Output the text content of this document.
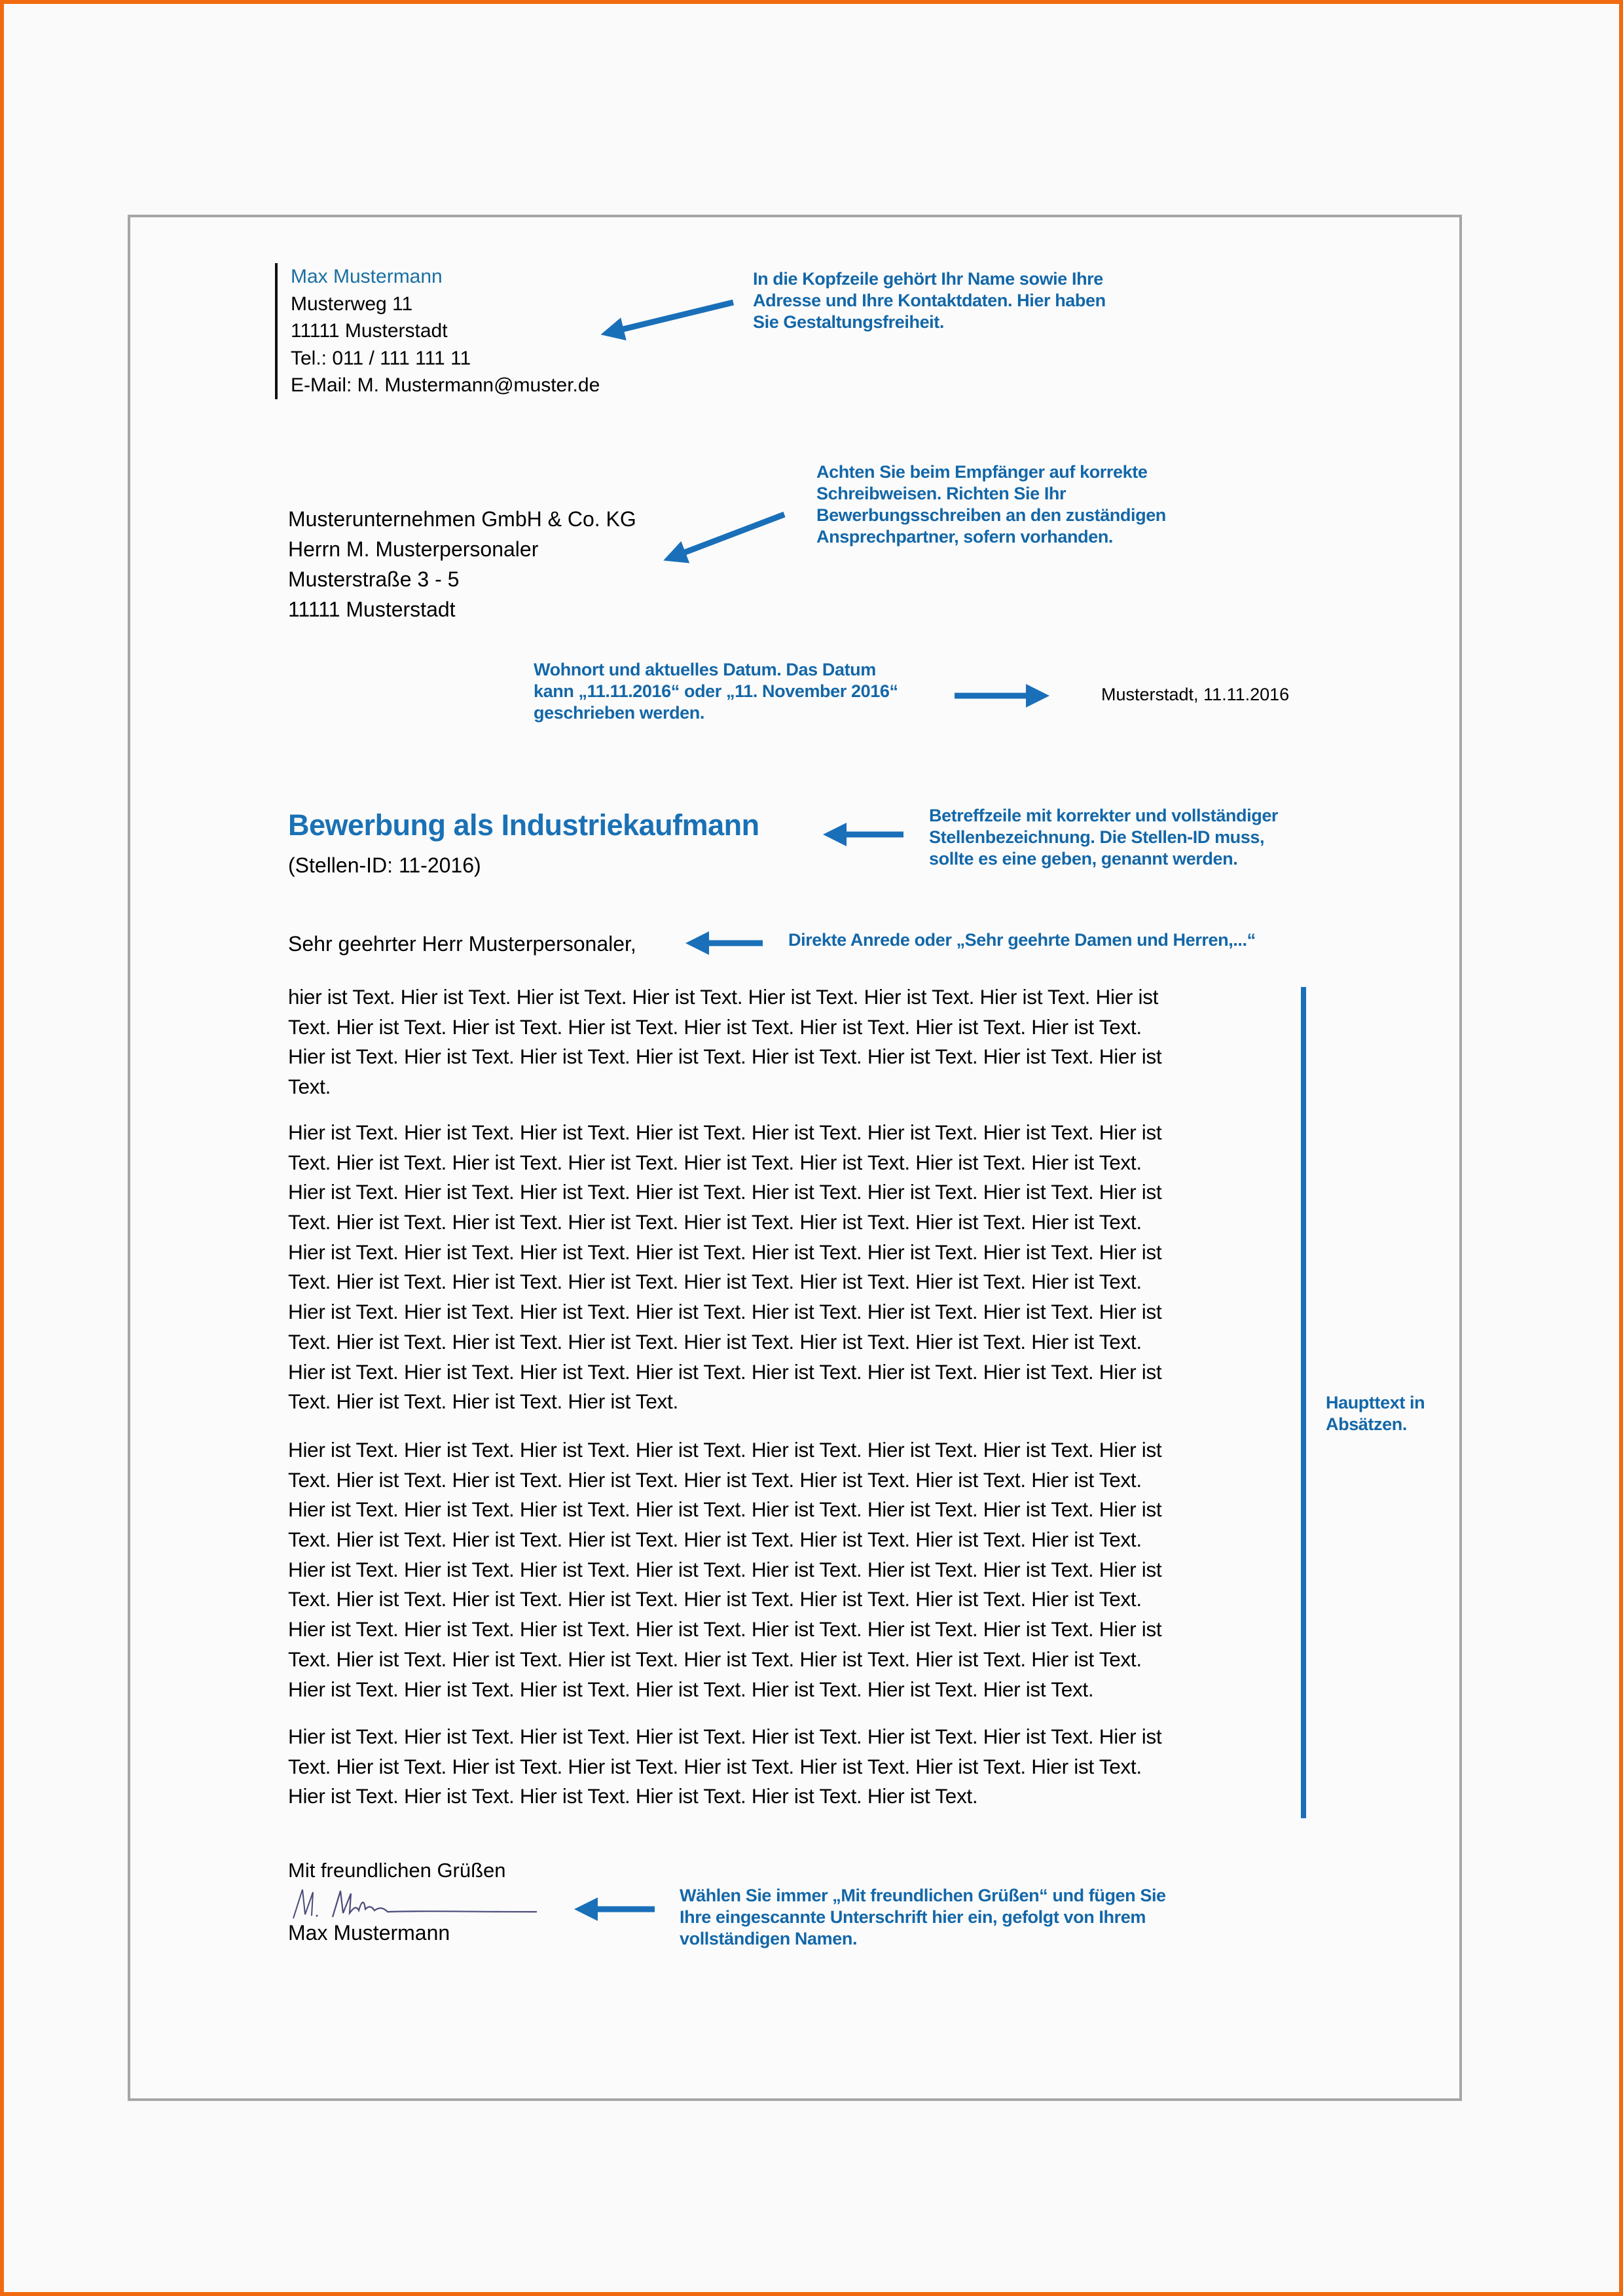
Max Mustermann
Musterweg 11
11111 Musterstadt
Tel.: 011 / 111 111 11
E-Mail: M. Mustermann@muster.de
Musterunternehmen GmbH & Co. KG
Herrn M. Musterpersonaler
Musterstraße 3 - 5
11111 Musterstadt
Musterstadt, 11.11.2016
Bewerbung als Industriekaufmann
(Stellen-ID: 11-2016)
Sehr geehrter Herr Musterpersonaler,
hier ist Text. Hier ist Text. Hier ist Text. Hier ist Text. Hier ist Text. Hier ist Text. Hier ist Text. Hier ist
Text. Hier ist Text. Hier ist Text. Hier ist Text. Hier ist Text. Hier ist Text. Hier ist Text. Hier ist Text.
Hier ist Text. Hier ist Text. Hier ist Text. Hier ist Text. Hier ist Text. Hier ist Text. Hier ist Text. Hier ist
Text.
Hier ist Text. Hier ist Text. Hier ist Text. Hier ist Text. Hier ist Text. Hier ist Text. Hier ist Text. Hier ist
Text. Hier ist Text. Hier ist Text. Hier ist Text. Hier ist Text. Hier ist Text. Hier ist Text. Hier ist Text.
Hier ist Text. Hier ist Text. Hier ist Text. Hier ist Text. Hier ist Text. Hier ist Text. Hier ist Text. Hier ist
Text. Hier ist Text. Hier ist Text. Hier ist Text. Hier ist Text. Hier ist Text. Hier ist Text. Hier ist Text.
Hier ist Text. Hier ist Text. Hier ist Text. Hier ist Text. Hier ist Text. Hier ist Text. Hier ist Text. Hier ist
Text. Hier ist Text. Hier ist Text. Hier ist Text. Hier ist Text. Hier ist Text. Hier ist Text. Hier ist Text.
Hier ist Text. Hier ist Text. Hier ist Text. Hier ist Text. Hier ist Text. Hier ist Text. Hier ist Text. Hier ist
Text. Hier ist Text. Hier ist Text. Hier ist Text. Hier ist Text. Hier ist Text. Hier ist Text. Hier ist Text.
Hier ist Text. Hier ist Text. Hier ist Text. Hier ist Text. Hier ist Text. Hier ist Text. Hier ist Text. Hier ist
Text. Hier ist Text. Hier ist Text. Hier ist Text.
Hier ist Text. Hier ist Text. Hier ist Text. Hier ist Text. Hier ist Text. Hier ist Text. Hier ist Text. Hier ist
Text. Hier ist Text. Hier ist Text. Hier ist Text. Hier ist Text. Hier ist Text. Hier ist Text. Hier ist Text.
Hier ist Text. Hier ist Text. Hier ist Text. Hier ist Text. Hier ist Text. Hier ist Text. Hier ist Text. Hier ist
Text. Hier ist Text. Hier ist Text. Hier ist Text. Hier ist Text. Hier ist Text. Hier ist Text. Hier ist Text.
Hier ist Text. Hier ist Text. Hier ist Text. Hier ist Text. Hier ist Text. Hier ist Text. Hier ist Text. Hier ist
Text. Hier ist Text. Hier ist Text. Hier ist Text. Hier ist Text. Hier ist Text. Hier ist Text. Hier ist Text.
Hier ist Text. Hier ist Text. Hier ist Text. Hier ist Text. Hier ist Text. Hier ist Text. Hier ist Text. Hier ist
Text. Hier ist Text. Hier ist Text. Hier ist Text. Hier ist Text. Hier ist Text. Hier ist Text. Hier ist Text.
Hier ist Text. Hier ist Text. Hier ist Text. Hier ist Text. Hier ist Text. Hier ist Text. Hier ist Text.
Hier ist Text. Hier ist Text. Hier ist Text. Hier ist Text. Hier ist Text. Hier ist Text. Hier ist Text. Hier ist
Text. Hier ist Text. Hier ist Text. Hier ist Text. Hier ist Text. Hier ist Text. Hier ist Text. Hier ist Text.
Hier ist Text. Hier ist Text. Hier ist Text. Hier ist Text. Hier ist Text. Hier ist Text.
Mit freundlichen Grüßen
Max Mustermann
In die Kopfzeile gehört Ihr Name sowie Ihre
Adresse und Ihre Kontaktdaten. Hier haben
Sie Gestaltungsfreiheit.
Achten Sie beim Empfänger auf korrekte
Schreibweisen. Richten Sie Ihr
Bewerbungsschreiben an den zuständigen
Ansprechpartner, sofern vorhanden.
Wohnort und aktuelles Datum. Das Datum
kann „11.11.2016“ oder „11. November 2016“
geschrieben werden.
Betreffzeile mit korrekter und vollständiger
Stellenbezeichnung. Die Stellen-ID muss,
sollte es eine geben, genannt werden.
Direkte Anrede oder „Sehr geehrte Damen und Herren,...“
Haupttext in
Absätzen.
Wählen Sie immer „Mit freundlichen Grüßen“ und fügen Sie
Ihre eingescannte Unterschrift hier ein, gefolgt von Ihrem
vollständigen Namen.
